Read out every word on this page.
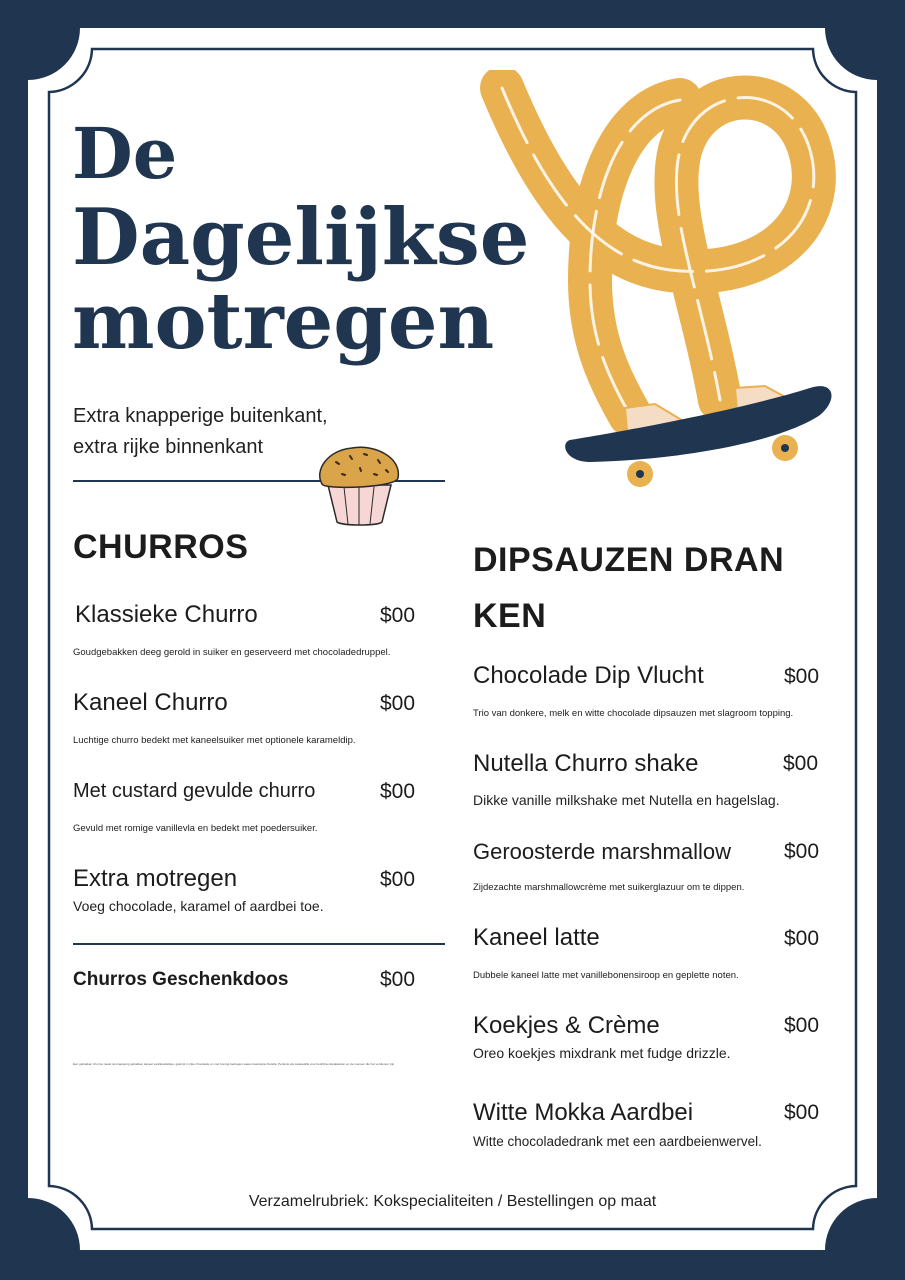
De
Dagelijkse
motregen
Extra knapperige buitenkant,
extra rijke binnenkant
CHURROS
Klassieke Churro	$00
Goudgebakken deeg gerold in suiker en geserveerd met chocoladedruppel.
Kaneel Churro	$00
Luchtige churro bedekt met kaneelsuiker met optionele karameldip.
Met custard gevulde churro	$00
Gevuld met romige vanillevla en bedekt met poedersuiker.
Extra motregen	$00
Voeg chocolade, karamel of aardbei toe.
Churros Geschenkdoos	$00
Een gebakken churros naast de knapperig gebakken kaneel vanillewafeltjes, geknipt in rijke chocolade en met honing-bedragen saaus basiswijne Nutella. Perfecte als cadeauklik voor bedrijf-kerstpakketten en de mensen die het verdienen zijn.
DIPSAUZEN DRAN
KEN
Chocolade Dip Vlucht	$00
Trio van donkere, melk en witte chocolade dipsauzen met slagroom topping.
Nutella Churro shake	$00
Dikke vanille milkshake met Nutella en hagelslag.
Geroosterde marshmallow	$00
Zijdezachte marshmallowcrème met suikerglazuur om te dippen.
Kaneel latte	$00
Dubbele kaneel latte met vanillebonensiroop en geplette noten.
Koekjes & Crème	$00
Oreo koekjes mixdrank met fudge drizzle.
Witte Mokka Aardbei	$00
Witte chocoladedrank met een aardbeienwervel.
Verzamelrubriek: Kokspecialiteiten / Bestellingen op maat
